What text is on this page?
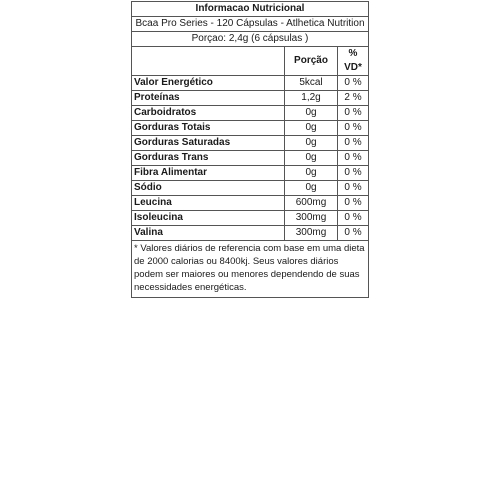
Informacao Nutricional
Bcaa Pro Series - 120 Cápsulas - Atlhetica Nutrition
Porçao: 2,4g (6 cápsulas )
	Porção	% VD*
Valor Energético	5kcal	0 %
Proteínas	1,2g	2 %
Carboidratos	0g	0 %
Gorduras Totais	0g	0 %
Gorduras Saturadas	0g	0 %
Gorduras Trans	0g	0 %
Fibra Alimentar	0g	0 %
Sódio	0g	0 %
Leucina	600mg	0 %
Isoleucina	300mg	0 %
Valina	300mg	0 %
* Valores diários de referencia com base em uma dieta de 2000 calorias ou 8400kj. Seus valores diários podem ser maiores ou menores dependendo de suas necessidades energéticas.
